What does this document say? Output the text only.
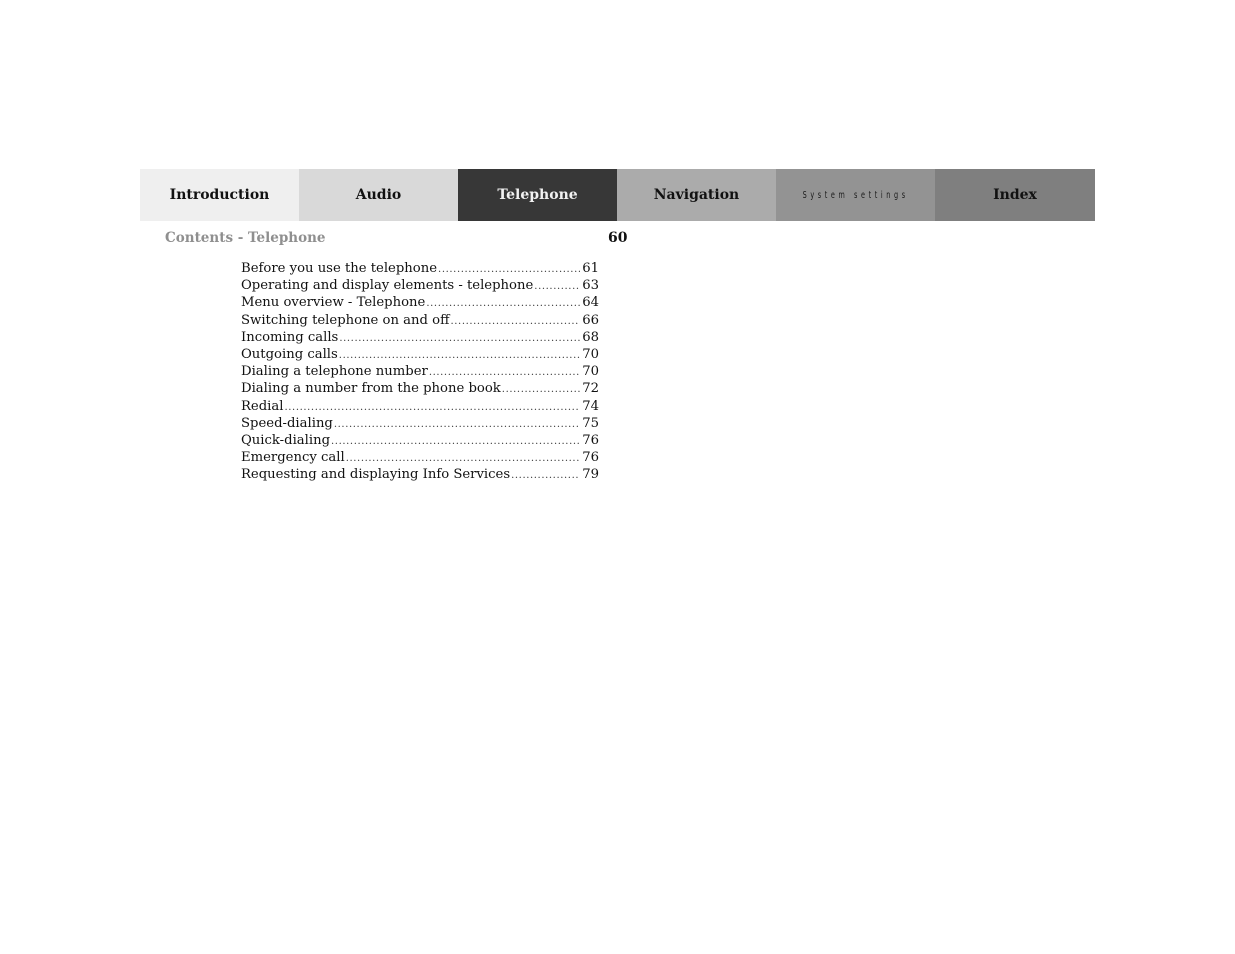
Introduction	Audio	Telephone	Navigation	System settings	Index
Contents - Telephone	60
Before you use the telephone .....	61
Operating and display elements - telephone .....	63
Menu overview - Telephone .....	64
Switching telephone on and off .....	66
Incoming calls .....	68
Outgoing calls .....	70
Dialing a telephone number .....	70
Dialing a number from the phone book .....	72
Redial .....	74
Speed-dialing .....	75
Quick-dialing .....	76
Emergency call .....	76
Requesting and displaying Info Services .....	79
